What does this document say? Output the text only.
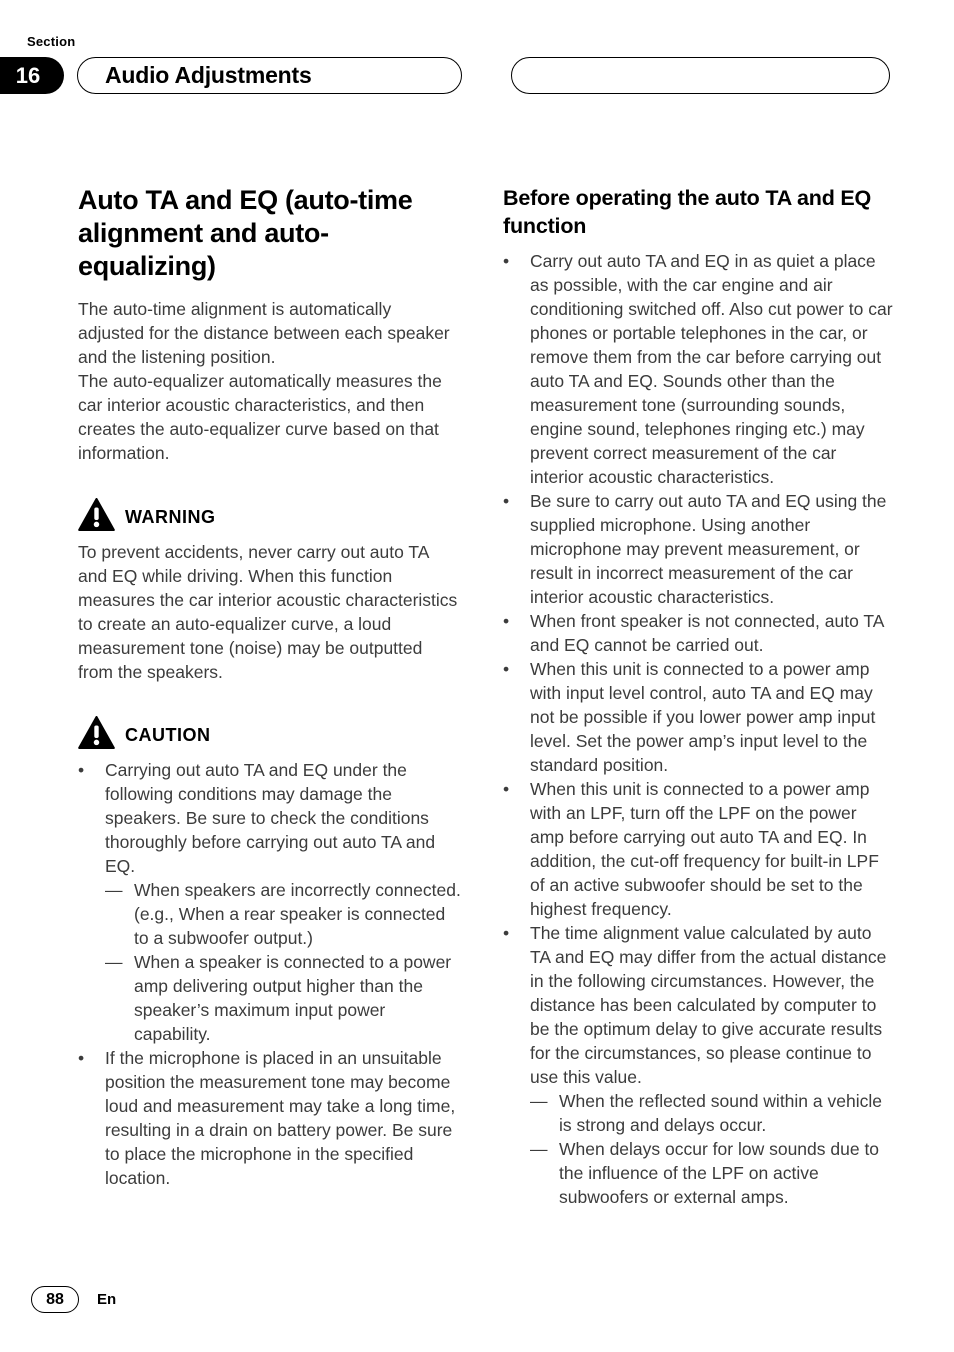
Section
16	Audio Adjustments
Auto TA and EQ (auto-time alignment and auto-equalizing)

The auto-time alignment is automatically adjusted for the distance between each speaker and the listening position.

The auto-equalizer automatically measures the car interior acoustic characteristics, and then creates the auto-equalizer curve based on that information.

WARNING

To prevent accidents, never carry out auto TA and EQ while driving. When this function measures the car interior acoustic characteristics to create an auto-equalizer curve, a loud measurement tone (noise) may be outputted from the speakers.

CAUTION
•	Carrying out auto TA and EQ under the following conditions may damage the speakers. Be sure to check the conditions thoroughly before carrying out auto TA and EQ.
— When speakers are incorrectly connected. (e.g., When a rear speaker is connected to a subwoofer output.)
— When a speaker is connected to a power amp delivering output higher than the speaker’s maximum input power capability.
•	If the microphone is placed in an unsuitable position the measurement tone may become loud and measurement may take a long time, resulting in a drain on battery power. Be sure to place the microphone in the specified location.
Before operating the auto TA and EQ function
•	Carry out auto TA and EQ in as quiet a place as possible, with the car engine and air conditioning switched off. Also cut power to car phones or portable telephones in the car, or remove them from the car before carrying out auto TA and EQ. Sounds other than the measurement tone (surrounding sounds, engine sound, telephones ringing etc.) may prevent correct measurement of the car interior acoustic characteristics.
•	Be sure to carry out auto TA and EQ using the supplied microphone. Using another microphone may prevent measurement, or result in incorrect measurement of the car interior acoustic characteristics.
•	When front speaker is not connected, auto TA and EQ cannot be carried out.
•	When this unit is connected to a power amp with input level control, auto TA and EQ may not be possible if you lower power amp input level. Set the power amp’s input level to the standard position.
•	When this unit is connected to a power amp with an LPF, turn off the LPF on the power amp before carrying out auto TA and EQ. In addition, the cut-off frequency for built-in LPF of an active subwoofer should be set to the highest frequency.
•	The time alignment value calculated by auto TA and EQ may differ from the actual distance in the following circumstances. However, the distance has been calculated by computer to be the optimum delay to give accurate results for the circumstances, so please continue to use this value.
— When the reflected sound within a vehicle is strong and delays occur.
— When delays occur for low sounds due to the influence of the LPF on active subwoofers or external amps.
88 En
